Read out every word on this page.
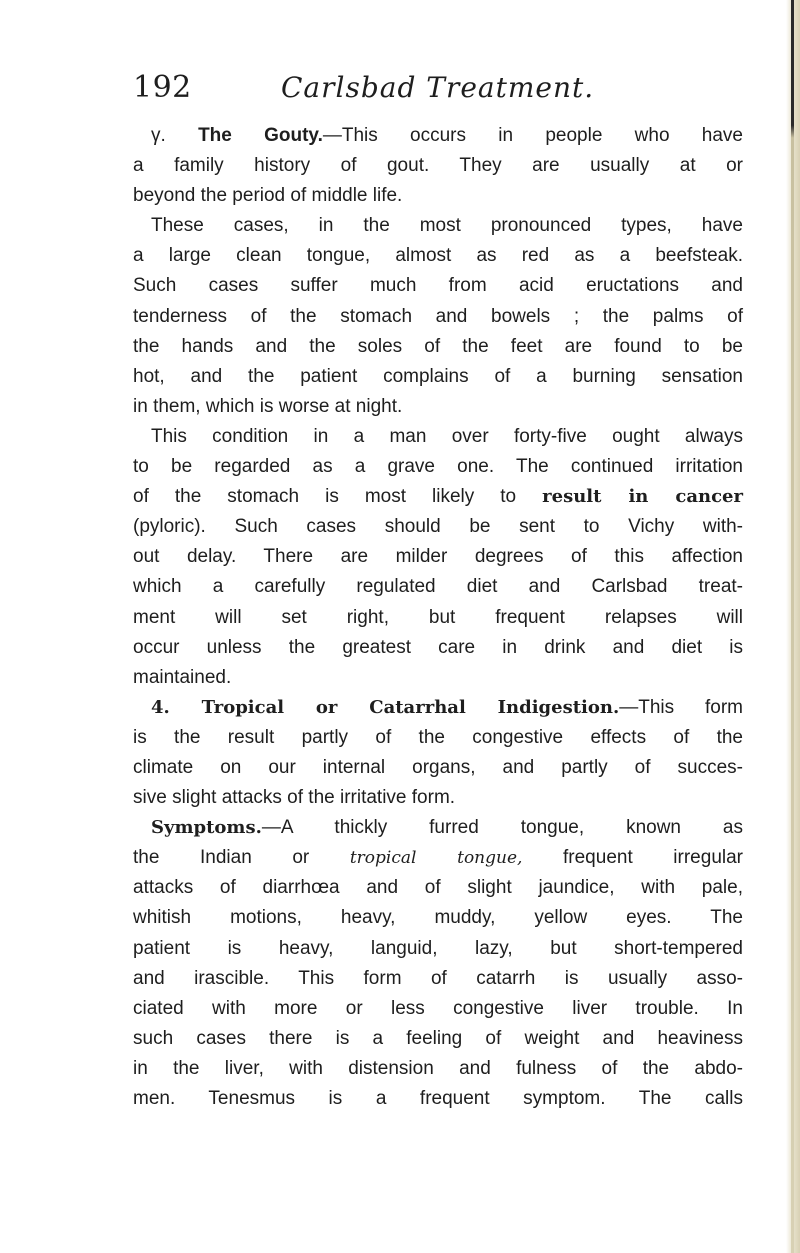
192	Carlsbad Treatment.
γ. The Gouty.—This occurs in people who have
a family history of gout. They are usually at or
beyond the period of middle life.
These cases, in the most pronounced types, have
a large clean tongue, almost as red as a beefsteak.
Such cases suffer much from acid eructations and
tenderness of the stomach and bowels ; the palms of
the hands and the soles of the feet are found to be
hot, and the patient complains of a burning sensation
in them, which is worse at night.
This condition in a man over forty-five ought always
to be regarded as a grave one. The continued irritation
of the stomach is most likely to result in cancer
(pyloric). Such cases should be sent to Vichy with-
out delay. There are milder degrees of this affection
which a carefully regulated diet and Carlsbad treat-
ment will set right, but frequent relapses will
occur unless the greatest care in drink and diet is
maintained.
4. Tropical or Catarrhal Indigestion.—This form
is the result partly of the congestive effects of the
climate on our internal organs, and partly of succes-
sive slight attacks of the irritative form.
Symptoms.—A thickly furred tongue, known as
the Indian or tropical tongue, frequent irregular
attacks of diarrhœa and of slight jaundice, with pale,
whitish motions, heavy, muddy, yellow eyes. The
patient is heavy, languid, lazy, but short-tempered
and irascible. This form of catarrh is usually asso-
ciated with more or less congestive liver trouble. In
such cases there is a feeling of weight and heaviness
in the liver, with distension and fulness of the abdo-
men. Tenesmus is a frequent symptom. The calls
